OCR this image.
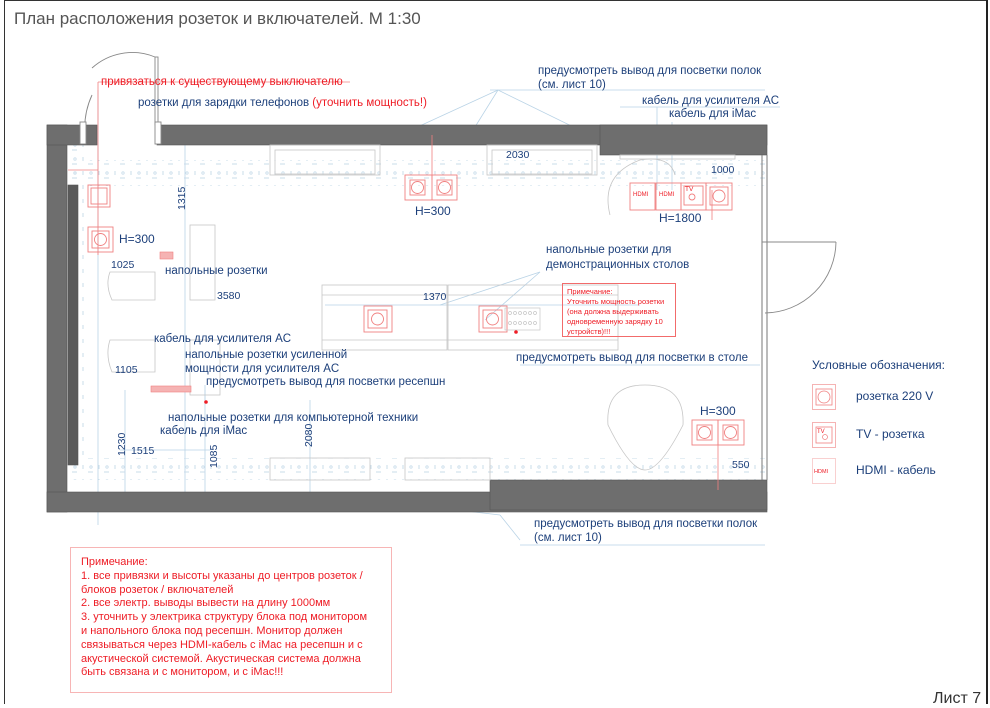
План расположения розеток и включателей. М 1:30
привязаться к существующему выключателю
розетки для зарядки телефонов (уточнить мощность!)
предусмотреть вывод для посветки полок
(см. лист 10)
кабель для усилителя AC
кабель для iMac
2030
1000
1315
1025
3580	1370
1105
1230 1515	1085
2080
550
H=300
H=300	H=1800
H=300
HDMI HDMI
TV
напольные розетки
напольные розетки для
демонстрационных столов
предусмотреть вывод для посветки в столе
кабель для усилителя AC
напольные розетки усиленной
мощности для усилителя AC
предусмотреть вывод для посветки ресепшн
напольные розетки для компьютерной техники
кабель для iMac
Примечание:
Уточнить мощность розетки
(она должна выдерживать
одновременную зарядку 10
устройств)!!!
предусмотреть вывод для посветки полок
(см. лист 10)
Условные обозначения:
розетка 220 V
TV	TV - розетка
HDMI HDMI - кабель
Примечание:
1. все привязки и высоты указаны до центров розеток /
блоков розеток / включателей
2. все электр. выводы вывести на длину 1000мм
3. уточнить у электрика структуру блока под монитором
и напольного блока под ресепшн. Монитор должен
связываться через HDMI-кабель с iMac на ресепшн и с
акустической системой. Акустическая система должна
быть связана и с монитором, и с iMac!!!
Лист 7
